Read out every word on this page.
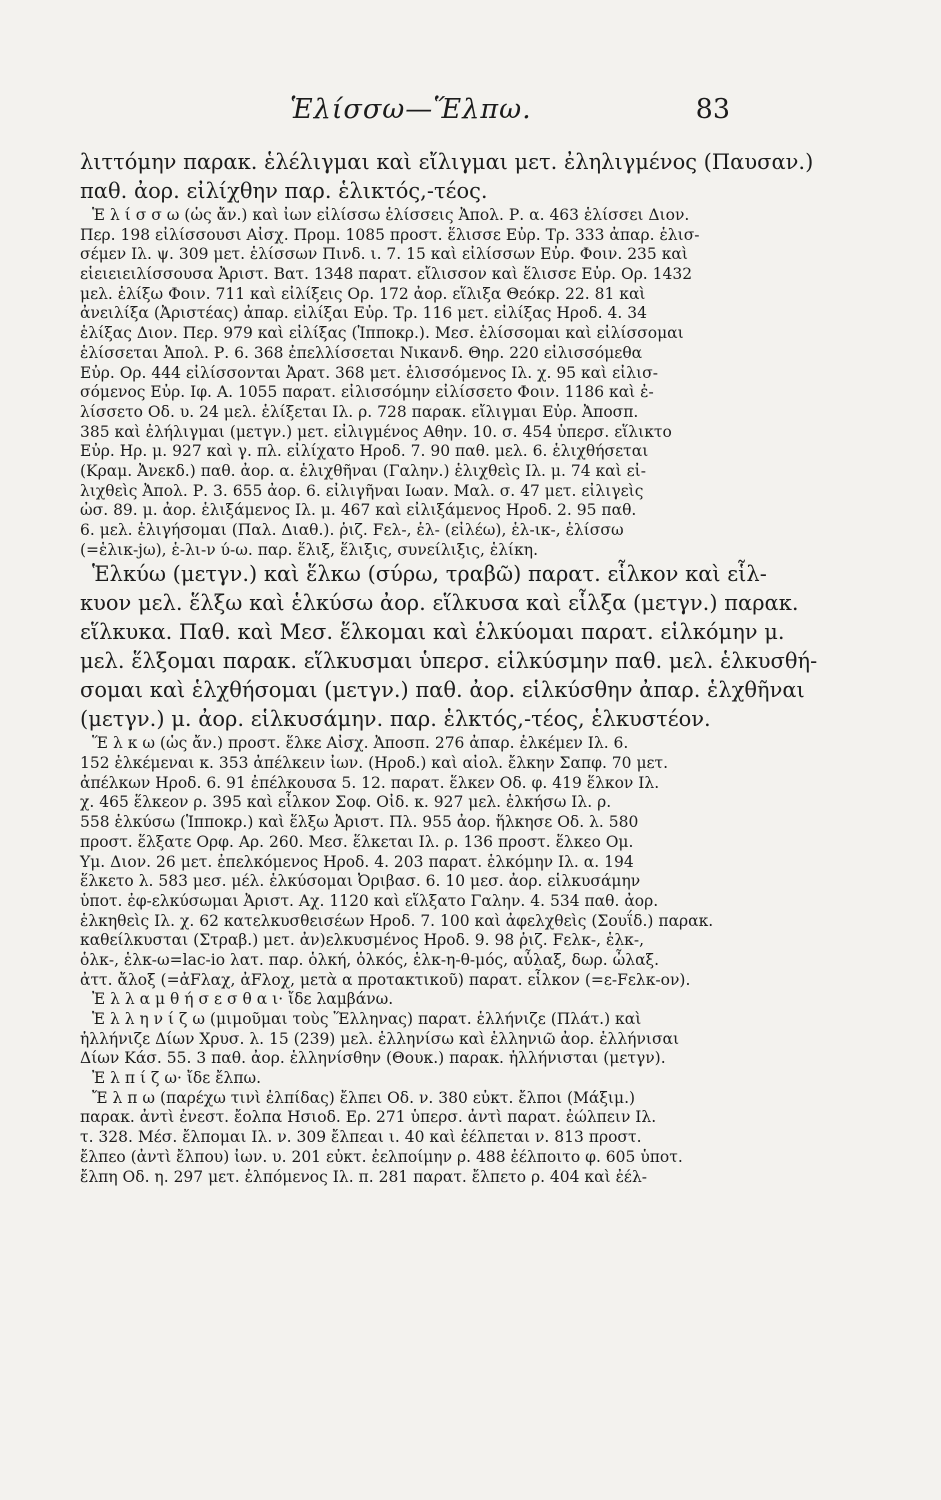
Ἑλίσσω—Ἕλπω.	83
λιττόμην παρακ. ἑλέλιγμαι καὶ εἴλιγμαι μετ. ἐληλιγμένος (Παυσαν.)
παθ. ἀορ. εἰλίχθην παρ. ἑλικτός,-τέος.
Ἑ λ ί σ σ ω (ὡς ἄν.) καὶ ἰων εἰλίσσω ἑλίσσεις Ἀπολ. Ρ. α. 463 ἑλίσσει Διον.
Περ. 198 εἰλίσσουσι Αἰσχ. Προμ. 1085 προστ. ἕλισσε Εὐρ. Τρ. 333 ἀπαρ. ἑλισ-
σέμεν Ιλ. ψ. 309 μετ. ἑλίσσων Πινδ. ι. 7. 15 καὶ εἰλίσσων Εὐρ. Φοιν. 235 καὶ
εἱειειειλίσσουσα Ἀριστ. Βατ. 1348 παρατ. εἴλισσον καὶ ἕλισσε Εὐρ. Ορ. 1432
μελ. ἑλίξω Φοιν. 711 καὶ εἰλίξεις Ορ. 172 ἀορ. εἵλιξα Θεόκρ. 22. 81 καὶ
ἀνειλίξα (Ἀριστέας) ἀπαρ. εἰλίξαι Εὐρ. Τρ. 116 μετ. εἰλίξας Ηροδ. 4. 34
ἑλίξας Διον. Περ. 979 καὶ εἰλίξας (Ἱπποκρ.). Μεσ. ἑλίσσομαι καὶ εἰλίσσομαι
ἑλίσσεται Ἀπολ. Ρ. 6. 368 ἐπελλίσσεται Νικανδ. Θηρ. 220 εἰλισσόμεθα
Εὐρ. Ορ. 444 εἰλίσσονται Ἀρατ. 368 μετ. ἑλισσόμενος Ιλ. χ. 95 καὶ εἰλισ-
σόμενος Εὐρ. Ιφ. Α. 1055 παρατ. εἰλισσόμην εἰλίσσετο Φοιν. 1186 καὶ ἐ-
λίσσετο Οδ. υ. 24 μελ. ἑλίξεται Ιλ. ρ. 728 παρακ. εἴλιγμαι Εὐρ. Ἀποσπ.
385 καὶ ἐλήλιγμαι (μετγν.) μετ. εἰλιγμένος Αθην. 10. σ. 454 ὑπερσ. εἵλικτο
Εὐρ. Ηρ. μ. 927 καὶ γ. πλ. εἰλίχατο Ηροδ. 7. 90 παθ. μελ. 6. ἑλιχθήσεται
(Κραμ. Ἀνεκδ.) παθ. ἀορ. α. ἑλιχθῆναι (Γαλην.) ἑλιχθεὶς Ιλ. μ. 74 καὶ εἰ-
λιχθεὶς Ἀπολ. Ρ. 3. 655 ἀορ. 6. εἰλιγῆναι Ιωαν. Μαλ. σ. 47 μετ. εἰλιγεὶς
ὠσ. 89. μ. ἀορ. ἑλιξάμενος Ιλ. μ. 467 καὶ εἰλιξάμενος Ηροδ. 2. 95 παθ.
6. μελ. ἑλιγήσομαι (Παλ. Διαθ.). ῥιζ. Fελ-, ἑλ- (εἰλέω), ἑλ-ικ-, ἑλίσσω
(=ἑλικ-jω), ἑ-λι-ν ύ-ω. παρ. ἕλιξ, ἕλιξις, συνείλιξις, ἑλίκη.
Ἑλκύω (μετγν.) καὶ ἕλκω (σύρω, τραβῶ) παρατ. εἷλκον καὶ εἷλ-
κυον μελ. ἕλξω καὶ ἑλκύσω ἀορ. εἵλκυσα καὶ εἷλξα (μετγν.) παρακ.
εἵλκυκα. Παθ. καὶ Μεσ. ἕλκομαι καὶ ἑλκύομαι παρατ. εἱλκόμην μ.
μελ. ἕλξομαι παρακ. εἵλκυσμαι ὑπερσ. εἱλκύσμην παθ. μελ. ἑλκυσθή-
σομαι καὶ ἑλχθήσομαι (μετγν.) παθ. ἀορ. εἱλκύσθην ἀπαρ. ἑλχθῆναι
(μετγν.) μ. ἀορ. εἱλκυσάμην. παρ. ἑλκτός,-τέος, ἑλκυστέον.
Ἕ λ κ ω (ὡς ἄν.) προστ. ἕλκε Αἰσχ. Ἀποσπ. 276 ἀπαρ. ἑλκέμεν Ιλ. 6.
152 ἑλκέμεναι κ. 353 ἀπέλκειν ἰων. (Ηροδ.) καὶ αἰολ. ἔλκην Σαπφ. 70 μετ.
ἀπέλκων Ηροδ. 6. 91 ἐπέλκουσα 5. 12. παρατ. ἕλκεν Οδ. φ. 419 ἕλκον Ιλ.
χ. 465 ἕλκεον ρ. 395 καὶ εἷλκον Σοφ. Οἰδ. κ. 927 μελ. ἑλκήσω Ιλ. ρ.
558 ἑλκύσω (Ἱπποκρ.) καὶ ἕλξω Ἀριστ. Πλ. 955 ἀορ. ἥλκησε Οδ. λ. 580
προστ. ἕλξατε Ορφ. Αρ. 260. Μεσ. ἕλκεται Ιλ. ρ. 136 προστ. ἕλκεο Ομ.
Υμ. Διον. 26 μετ. ἐπελκόμενος Ηροδ. 4. 203 παρατ. ἑλκόμην Ιλ. α. 194
ἕλκετο λ. 583 μεσ. μέλ. ἑλκύσομαι Ὀριβασ. 6. 10 μεσ. ἀορ. εἱλκυσάμην
ὑποτ. ἐφ-ελκύσωμαι Ἀριστ. Αχ. 1120 καὶ εἵλξατο Γαλην. 4. 534 παθ. ἀορ.
ἑλκηθεὶς Ιλ. χ. 62 κατελκυσθεισέων Ηροδ. 7. 100 καὶ ἀφελχθεὶς (Σουΐδ.) παρακ.
καθείλκυσται (Στραβ.) μετ. ἀν)ελκυσμένος Ηροδ. 9. 98 ῥιζ. Fελκ-, ἑλκ-,
ὁλκ-, ἑλκ-ω=lac-io λατ. παρ. ὁλκή, ὁλκός, ἑλκ-η-θ-μός, αὖλαξ, δωρ. ὦλαξ.
ἀττ. ἄλοξ (=ἀFλαχ, ἀFλοχ, μετὰ α προτακτικοῦ) παρατ. εἷλκον (=ε-Fελκ-ον).
Ἐ λ λ α μ θ ή σ ε σ θ α ι· ἴδε λαμβάνω.
Ἑ λ λ η ν ί ζ ω (μιμοῦμαι τοὺς Ἕλληνας) παρατ. ἑλλήνιζε (Πλάτ.) καὶ
ἡλλήνιζε Δίων Χρυσ. λ. 15 (239) μελ. ἑλληνίσω καὶ ἑλληνιῶ ἀορ. ἑλλήνισαι
Δίων Κάσ. 55. 3 παθ. ἀορ. ἑλληνίσθην (Θουκ.) παρακ. ἡλλήνισται (μετγν).
Ἐ λ π ί ζ ω· ἴδε ἔλπω.
Ἔ λ π ω (παρέχω τινὶ ἐλπίδας) ἔλπει Οδ. ν. 380 εὐκτ. ἔλποι (Μάξιμ.)
παρακ. ἀντὶ ἐνεστ. ἔολπα Ησιοδ. Ερ. 271 ὑπερσ. ἀντὶ παρατ. ἐώλπειν Ιλ.
τ. 328. Μέσ. ἔλπομαι Ιλ. ν. 309 ἔλπεαι ι. 40 καὶ ἐέλπεται ν. 813 προστ.
ἔλπεο (ἀντὶ ἔλπου) ἰων. υ. 201 εὐκτ. ἐελποίμην ρ. 488 ἐέλποιτο φ. 605 ὑποτ.
ἔλπη Οδ. η. 297 μετ. ἐλπόμενος Ιλ. π. 281 παρατ. ἔλπετο ρ. 404 καὶ ἐέλ-
